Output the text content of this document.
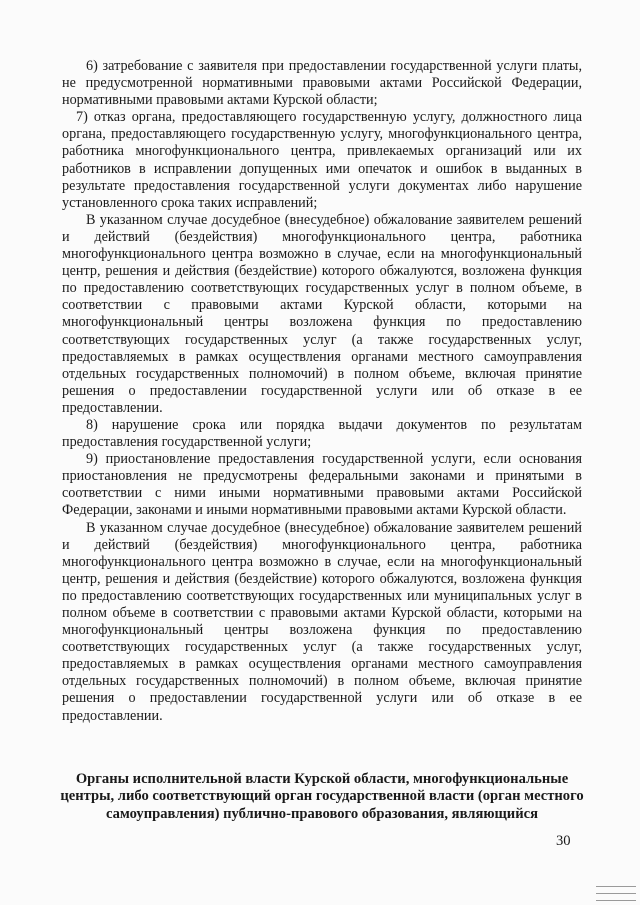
6) затребование с заявителя при предоставлении государственной услуги платы, не предусмотренной нормативными правовыми актами Российской Федерации, нормативными правовыми актами Курской области;

7) отказ органа, предоставляющего государственную услугу, должностного лица органа, предоставляющего государственную услугу, многофункционального центра, работника многофункционального центра, привлекаемых организаций или их работников в исправлении допущенных ими опечаток и ошибок в выданных в результате предоставления государственной услуги документах либо нарушение установленного срока таких исправлений;

В указанном случае досудебное (внесудебное) обжалование заявителем решений и действий (бездействия) многофункционального центра, работника многофункционального центра возможно в случае, если на многофункциональный центр, решения и действия (бездействие) которого обжалуются, возложена функция по предоставлению соответствующих государственных услуг в полном объеме, в соответствии с правовыми актами Курской области, которыми на многофункциональный центры возложена функция по предоставлению соответствующих государственных услуг (а также государственных услуг, предоставляемых в рамках осуществления органами местного самоуправления отдельных государственных полномочий) в полном объеме, включая принятие решения о предоставлении государственной услуги или об отказе в ее предоставлении.

8) нарушение срока или порядка выдачи документов по результатам предоставления государственной услуги;

9) приостановление предоставления государственной услуги, если основания приостановления не предусмотрены федеральными законами и принятыми в соответствии с ними иными нормативными правовыми актами Российской Федерации, законами и иными нормативными правовыми актами Курской области.

В указанном случае досудебное (внесудебное) обжалование заявителем решений и действий (бездействия) многофункционального центра, работника многофункционального центра возможно в случае, если на многофункциональный центр, решения и действия (бездействие) которого обжалуются, возложена функция по предоставлению соответствующих государственных или муниципальных услуг в полном объеме в соответствии с правовыми актами Курской области, которыми на многофункциональный центры возложена функция по предоставлению соответствующих государственных услуг (а также государственных услуг, предоставляемых в рамках осуществления органами местного самоуправления отдельных государственных полномочий) в полном объеме, включая принятие решения о предоставлении государственной услуги или об отказе в ее предоставлении.

Органы исполнительной власти Курской области, многофункциональные центры, либо соответствующий орган государственной власти (орган местного самоуправления) публично-правового образования, являющийся

30
